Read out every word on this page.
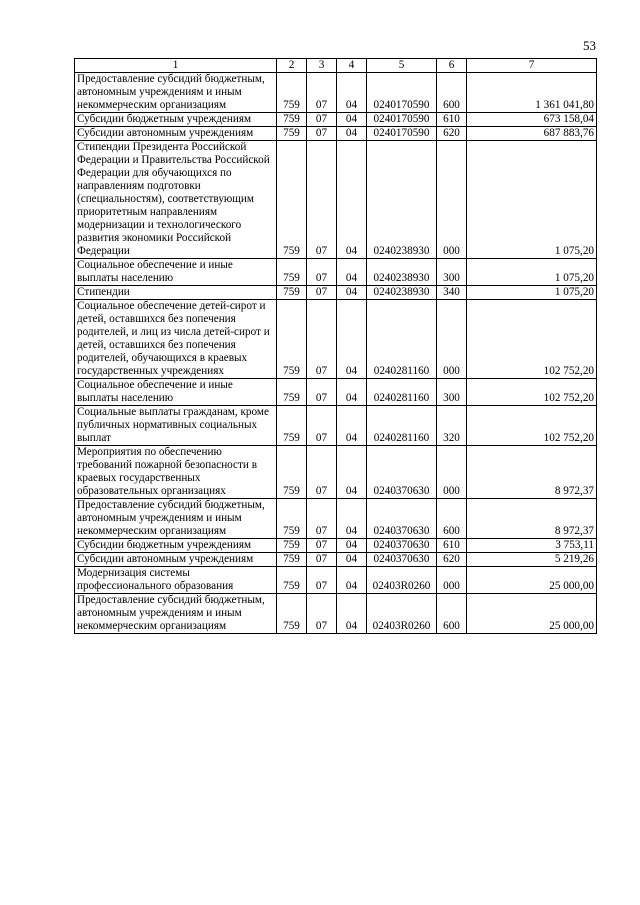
53
1	2	3	4	5	6	7
Предоставление субсидий бюджетным, автономным учреждениям и иным некоммерческим организациям	759	07	04	0240170590	600	1 361 041,80
Субсидии бюджетным учреждениям	759	07	04	0240170590	610	673 158,04
Субсидии автономным учреждениям	759	07	04	0240170590	620	687 883,76
Стипендии Президента Российской Федерации и Правительства Российской Федерации для обучающихся по направлениям подготовки (специальностям), соответствующим приоритетным направлениям модернизации и технологического развития экономики Российской Федерации	759	07	04	0240238930	000	1 075,20
Социальное обеспечение и иные выплаты населению	759	07	04	0240238930	300	1 075,20
Стипендии	759	07	04	0240238930	340	1 075,20
Социальное обеспечение детей-сирот и детей, оставшихся без попечения родителей, и лиц из числа детей-сирот и детей, оставшихся без попечения родителей, обучающихся в краевых государственных учреждениях	759	07	04	0240281160	000	102 752,20
Социальное обеспечение и иные выплаты населению	759	07	04	0240281160	300	102 752,20
Социальные выплаты гражданам, кроме публичных нормативных социальных выплат	759	07	04	0240281160	320	102 752,20
Мероприятия по обеспечению требований пожарной безопасности в краевых государственных образовательных организациях	759	07	04	0240370630	000	8 972,37
Предоставление субсидий бюджетным, автономным учреждениям и иным некоммерческим организациям	759	07	04	0240370630	600	8 972,37
Субсидии бюджетным учреждениям	759	07	04	0240370630	610	3 753,11
Субсидии автономным учреждениям	759	07	04	0240370630	620	5 219,26
Модернизация системы профессионального образования	759	07	04	02403R0260	000	25 000,00
Предоставление субсидий бюджетным, автономным учреждениям и иным некоммерческим организациям	759	07	04	02403R0260	600	25 000,00
